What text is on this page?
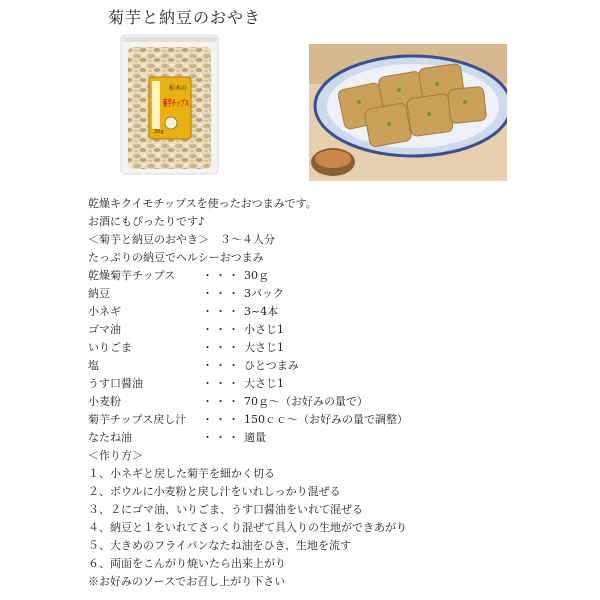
菊芋と納豆のおやき
栃木の
菊芋チップス
30g
乾燥キクイモチップスを使ったおつまみです。
お酒にもぴったりです♪
＜菊芋と納豆のおやき＞　３～４人分
たっぷりの納豆でヘルシーおつまみ
乾燥菊芋チップス ・・・ 30ｇ
納豆	・・・ 3パック
小ネギ	・・・ 3~4本
ゴマ油	・・・ 小さじ1
いりごま	・・・ 大さじ1
塩	・・・ ひとつまみ
うす口醤油	・・・ 大さじ1
小麦粉	・・・ 70ｇ～（お好みの量で）
菊芋チップス戻し汁 ・・・ 150ｃｃ～（お好みの量で調整）
なたね油	・・・ 適量
＜作り方＞
１、小ネギと戻した菊芋を細かく切る
２、ボウルに小麦粉と戻し汁をいれしっかり混ぜる
３、２にゴマ油、いりごま、うす口醤油をいれて混ぜる
４、納豆と１をいれてさっくり混ぜて具入りの生地ができあがり
５、大きめのフライパンなたね油をひき、生地を流す
６、両面をこんがり焼いたら出来上がり
※お好みのソースでお召し上がり下さい
